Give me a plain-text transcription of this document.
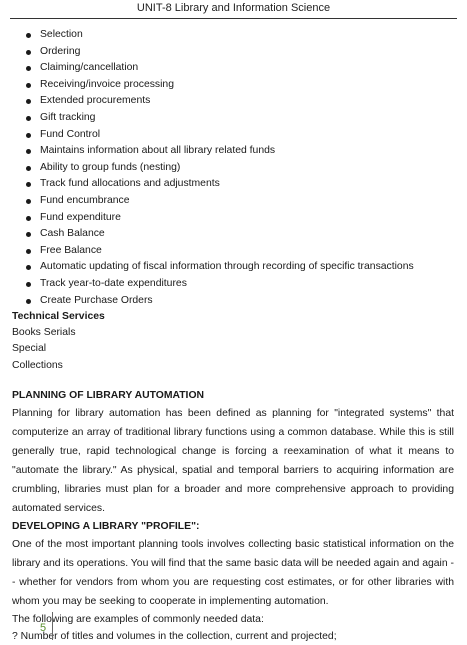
UNIT-8 Library and Information Science
Selection
Ordering
Claiming/cancellation
Receiving/invoice processing
Extended procurements
Gift tracking
Fund Control
Maintains information about all library related funds
Ability to group funds (nesting)
Track fund allocations and adjustments
Fund encumbrance
Fund expenditure
Cash Balance
Free Balance
Automatic updating of fiscal information through recording of specific transactions
Track year-to-date expenditures
Create Purchase Orders
Technical Services
Books Serials
Special
Collections
PLANNING OF LIBRARY AUTOMATION

Planning for library automation has been defined as planning for "integrated systems" that computerize an array of traditional library functions using a common database. While this is still generally true, rapid technological change is forcing a reexamination of what it means to "automate the library." As physical, spatial and temporal barriers to acquiring information are crumbling, libraries must plan for a broader and more comprehensive approach to providing automated services.

DEVELOPING A LIBRARY "PROFILE":

One of the most important planning tools involves collecting basic statistical information on the library and its operations. You will find that the same basic data will be needed again and again -- whether for vendors from whom you are requesting cost estimates, or for other libraries with whom you may be seeking to cooperate in implementing automation.

The following are examples of commonly needed data:
? Number of titles and volumes in the collection, current and projected;
5
